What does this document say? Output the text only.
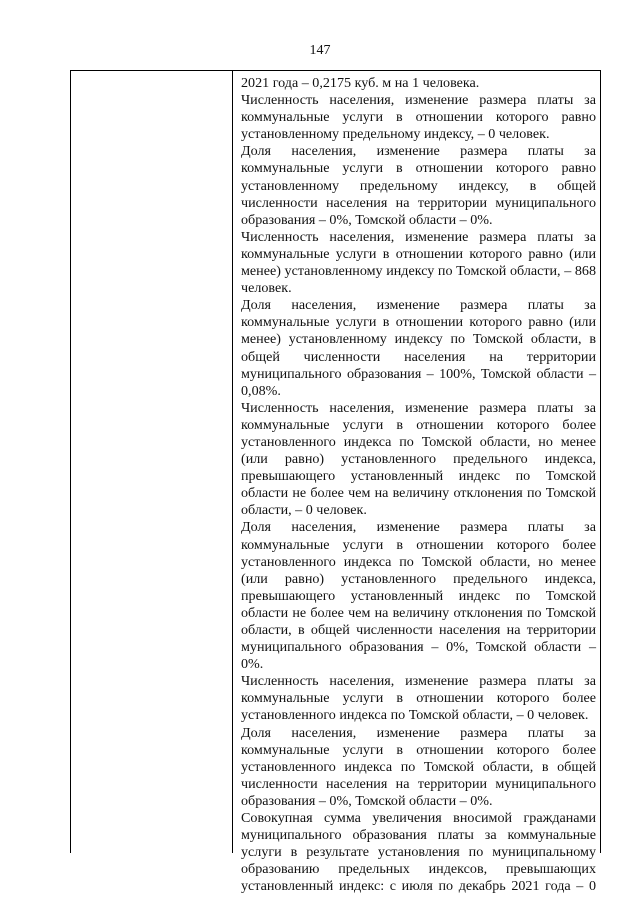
147

2021 года – 0,2175 куб. м на 1 человека.

Численность населения, изменение размера платы за коммунальные услуги в отношении которого равно установленному предельному индексу, – 0 человек.

Доля населения, изменение размера платы за коммунальные услуги в отношении которого равно установленному предельному индексу, в общей численности населения на территории муниципального образования – 0%, Томской области – 0%.

Численность населения, изменение размера платы за коммунальные услуги в отношении которого равно (или менее) установленному индексу по Томской области, – 868 человек.

Доля населения, изменение размера платы за коммунальные услуги в отношении которого равно (или менее) установленному индексу по Томской области, в общей численности населения на территории муниципального образования – 100%, Томской области – 0,08%.

Численность населения, изменение размера платы за коммунальные услуги в отношении которого более установленного индекса по Томской области, но менее (или равно) установленного предельного индекса, превышающего установленный индекс по Томской области не более чем на величину отклонения по Томской области, – 0 человек.

Доля населения, изменение размера платы за коммунальные услуги в отношении которого более установленного индекса по Томской области, но менее (или равно) установленного предельного индекса, превышающего установленный индекс по Томской области не более чем на величину отклонения по Томской области, в общей численности населения на территории муниципального образования – 0%, Томской области – 0%.

Численность населения, изменение размера платы за коммунальные услуги в отношении которого более установленного индекса по Томской области, – 0 человек.

Доля населения, изменение размера платы за коммунальные услуги в отношении которого более установленного индекса по Томской области, в общей численности населения на территории муниципального образования – 0%, Томской области – 0%.

Совокупная сумма увеличения вносимой гражданами муниципального образования платы за коммунальные услуги в результате установления по муниципальному образованию предельных индексов, превышающих установленный индекс: с июля по декабрь 2021 года – 0
